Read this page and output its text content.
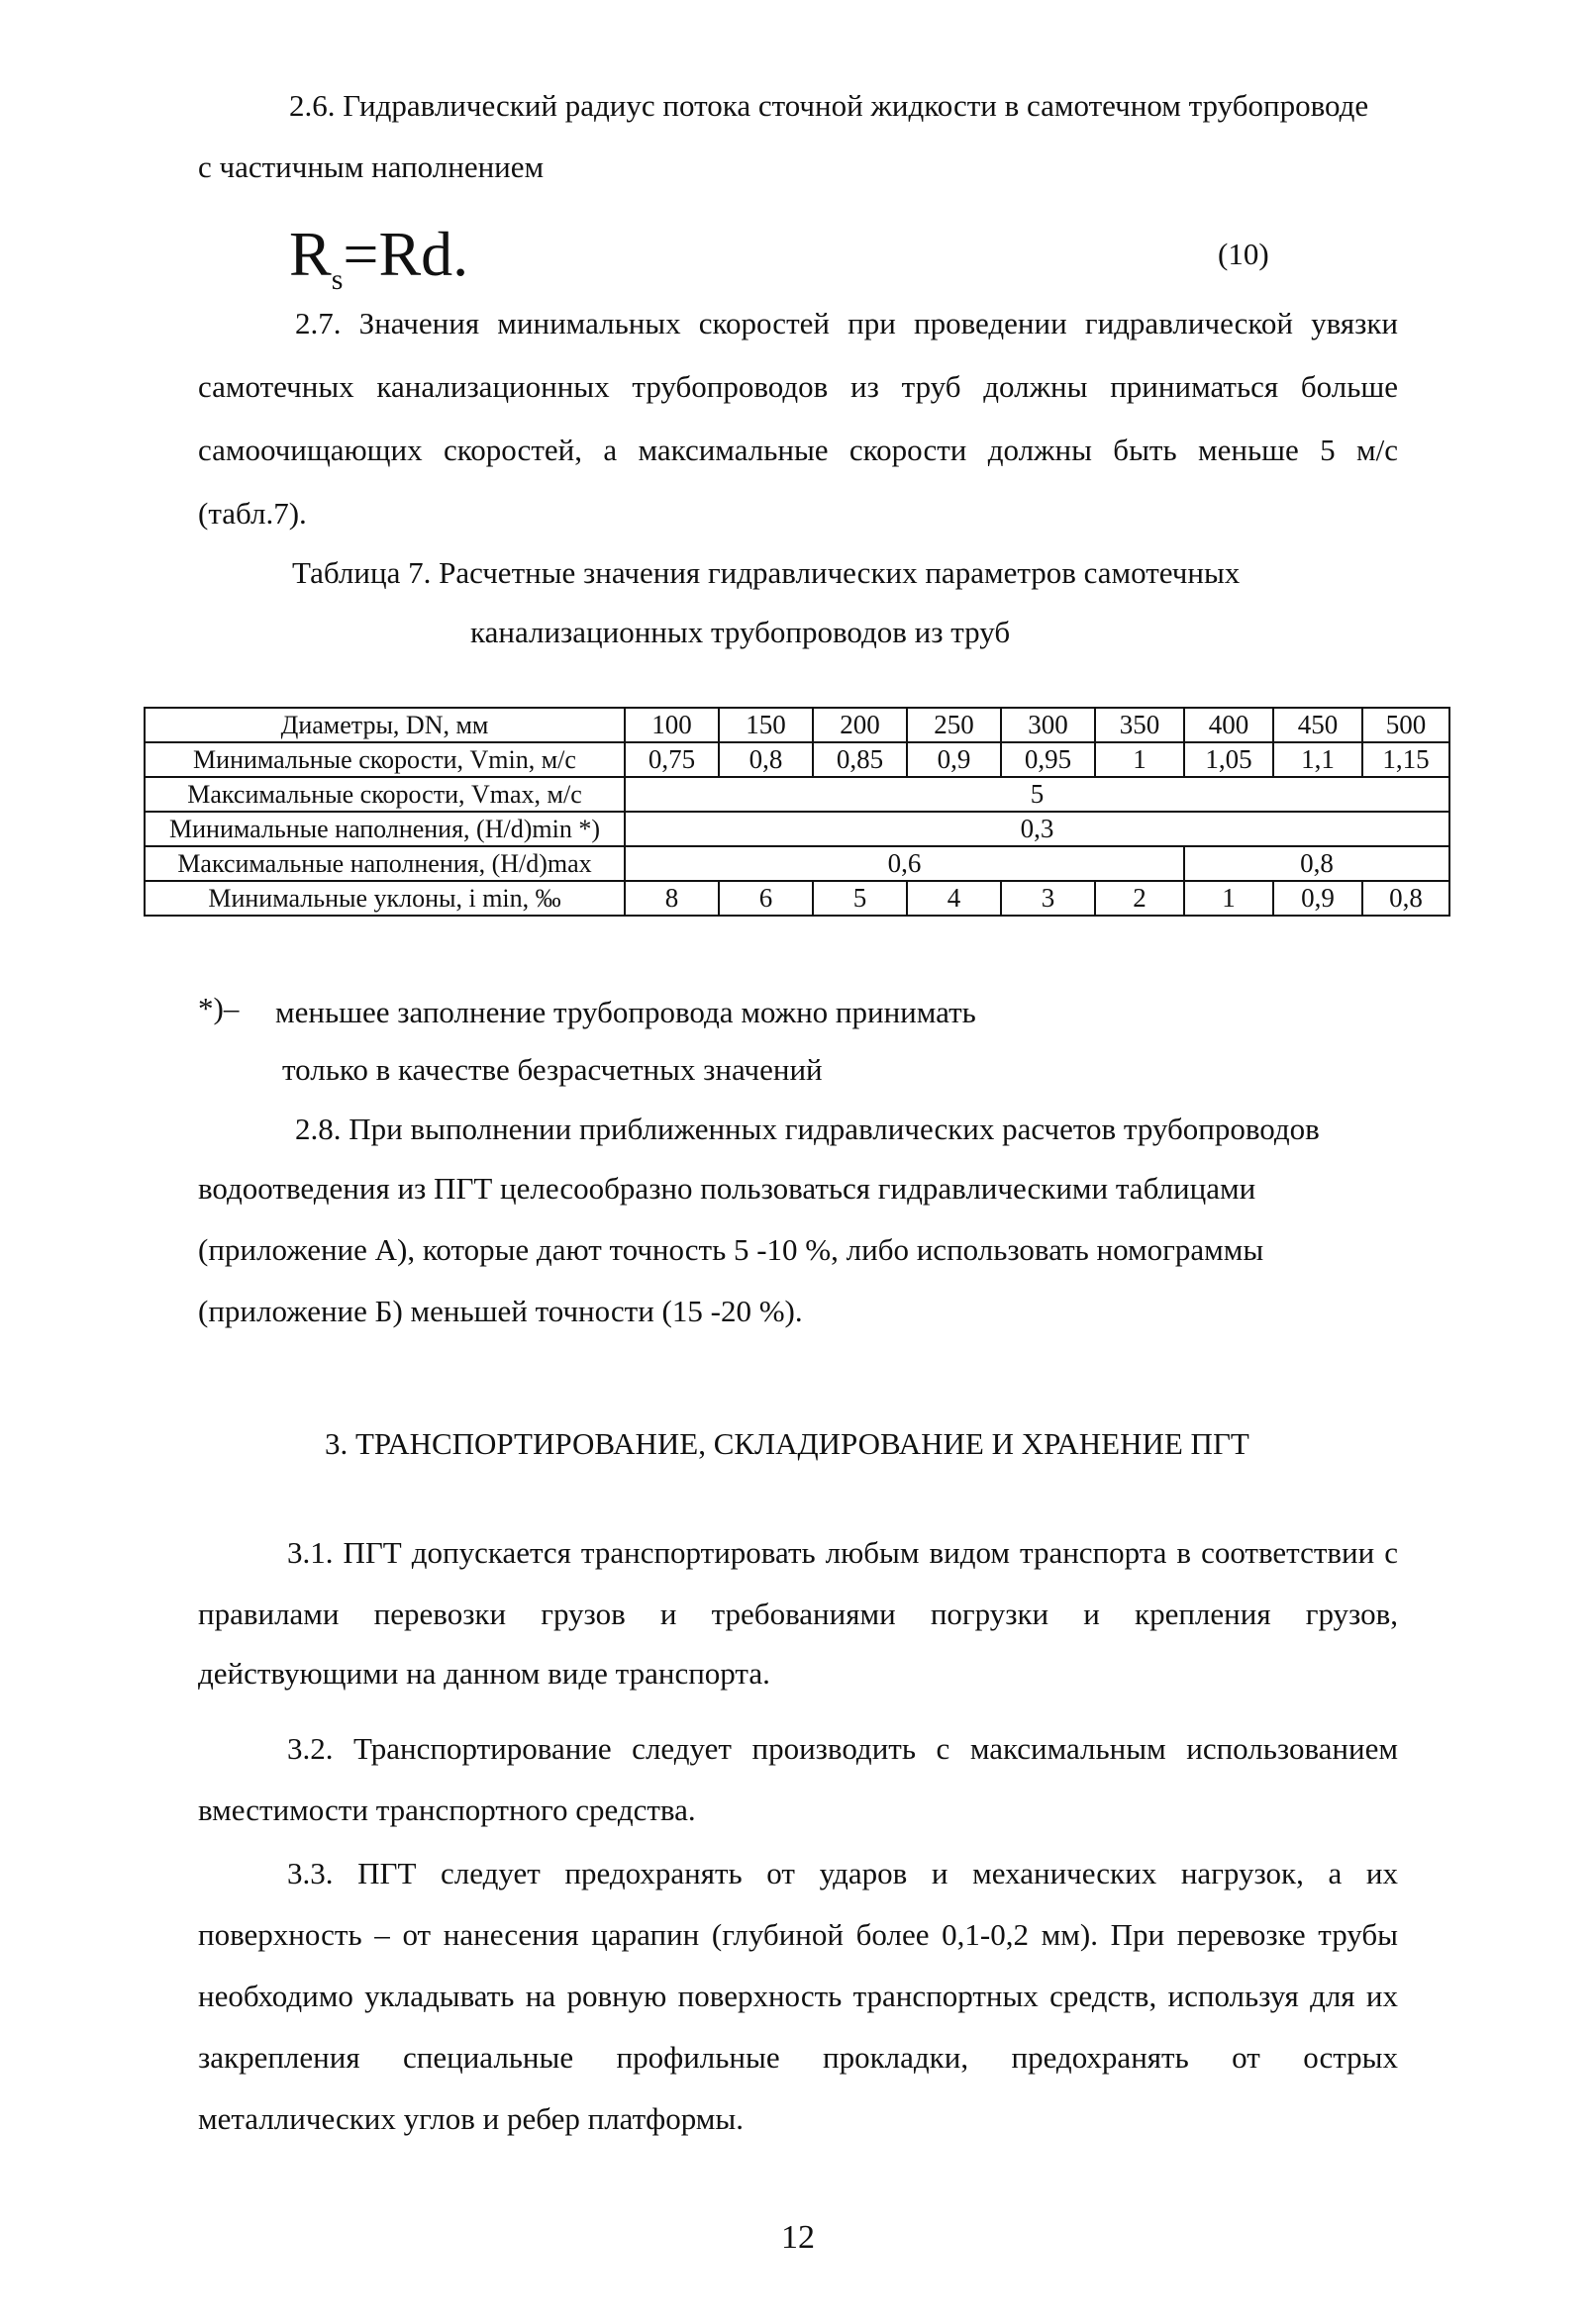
2.6. Гидравлический радиус потока сточной жидкости в самотечном трубопроводе
с частичным наполнением
$R_s=Rd$.	(10)
2.7. Значения минимальных скоростей при проведении гидравлической увязки
самотечных канализационных трубопроводов из труб должны приниматься больше
самоочищающих скоростей, а максимальные скорости должны быть меньше 5 м/с
(табл.7).
Таблица 7. Расчетные значения гидравлических параметров самотечных
канализационных трубопроводов из труб
Диаметры, DN, мм	100	150	200	250	300	350	400	450	500
Минимальные скорости, Vmin, м/с	0,75	0,8	0,85	0,9	0,95	1	1,05	1,1	1,15
Максимальные скорости, Vmax, м/с	5								
Минимальные наполнения, (H/d)min *)	0,3								
Максимальные наполнения, (H/d)max	0,6						0,8		
Минимальные уклоны, i min, ‰	8	6	5	4	3	2	1	0,9	0,8
*)– меньшее заполнение трубопровода можно принимать
только в качестве безрасчетных значений
2.8. При выполнении приближенных гидравлических расчетов трубопроводов
водоотведения из ПГТ целесообразно пользоваться гидравлическими таблицами
(приложение А), которые дают точность 5 -10 %, либо использовать номограммы
(приложение Б) меньшей точности (15 -20 %).
3. ТРАНСПОРТИРОВАНИЕ, СКЛАДИРОВАНИЕ И ХРАНЕНИЕ ПГТ
3.1. ПГТ допускается транспортировать любым видом транспорта в соответствии с
правилами перевозки грузов и требованиями погрузки и крепления грузов,
действующими на данном виде транспорта.
3.2. Транспортирование следует производить с максимальным использованием
вместимости транспортного средства.
3.3. ПГТ следует предохранять от ударов и механических нагрузок, а их
поверхность – от нанесения царапин (глубиной более 0,1-0,2 мм). При перевозке трубы
необходимо укладывать на ровную поверхность транспортных средств, используя для их
закрепления специальные профильные прокладки, предохранять от острых
металлических углов и ребер платформы.
12
